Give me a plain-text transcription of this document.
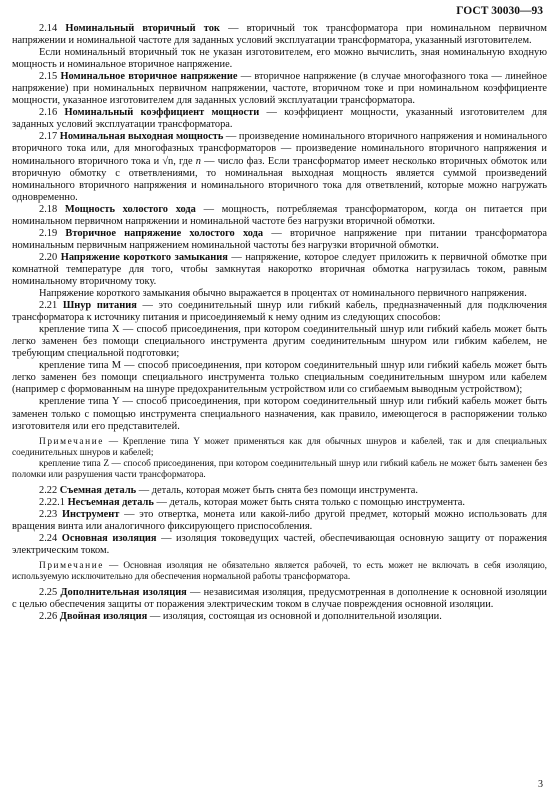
ГОСТ 30030—93

2.14 Номинальный вторичный ток — вторичный ток трансформатора при номинальном первичном напряжении и номинальной частоте для заданных условий эксплуатации трансформатора, указанный изготовителем.

Если номинальный вторичный ток не указан изготовителем, его можно вычислить, зная номинальную входную мощность и номинальное вторичное напряжение.

2.15 Номинальное вторичное напряжение — вторичное напряжение (в случае многофазного тока — линейное напряжение) при номинальных первичном напряжении, частоте, вторичном токе и при номинальном коэффициенте мощности, указанное изготовителем для заданных условий эксплуатации трансформатора.

2.16 Номинальный коэффициент мощности — коэффициент мощности, указанный изготовителем для заданных условий эксплуатации трансформатора.

2.17 Номинальная выходная мощность — произведение номинального вторичного напряжения и номинального вторичного тока или, для многофазных трансформаторов — произведение номинального вторичного напряжения и номинального вторичного тока и √n, где n — число фаз. Если трансформатор имеет несколько вторичных обмоток или вторичную обмотку с ответвлениями, то номинальная выходная мощность является суммой произведений номинального вторичного напряжения и номинального вторичного тока для ответвлений, которые можно нагружать одновременно.

2.18 Мощность холостого хода — мощность, потребляемая трансформатором, когда он питается при номинальном первичном напряжении и номинальной частоте без нагрузки вторичной обмотки.

2.19 Вторичное напряжение холостого хода — вторичное напряжение при питании трансформатора номинальным первичным напряжением номинальной частоты без нагрузки вторичной обмотки.

2.20 Напряжение короткого замыкания — напряжение, которое следует приложить к первичной обмотке при комнатной температуре для того, чтобы замкнутая накоротко вторичная обмотка нагрузилась током, равным номинальному вторичному току.

Напряжение короткого замыкания обычно выражается в процентах от номинального первичного напряжения.

2.21 Шнур питания — это соединительный шнур или гибкий кабель, предназначенный для подключения трансформатора к источнику питания и присоединяемый к нему одним из следующих способов:

крепление типа X — способ присоединения, при котором соединительный шнур или гибкий кабель может быть легко заменен без помощи специального инструмента другим соединительным шнуром или гибким кабелем, не требующим специальной подготовки;

крепление типа M — способ присоединения, при котором соединительный шнур или гибкий кабель может быть легко заменен без помощи специального инструмента только специальным соединительным шнуром или кабелем (например с формованным на шнуре предохранительным устройством или со сгибаемым выводным устройством);

крепление типа Y — способ присоединения, при котором соединительный шнур или гибкий кабель может быть заменен только с помощью инструмента специального назначения, как правило, имеющегося в распоряжении только изготовителя или его представителей.

Примечание — Крепление типа Y может применяться как для обычных шнуров и кабелей, так и для специальных соединительных шнуров и кабелей;

крепление типа Z — способ присоединения, при котором соединительный шнур или гибкий кабель не может быть заменен без поломки или разрушения части трансформатора.

2.22 Съемная деталь — деталь, которая может быть снята без помощи инструмента.

2.22.1 Несъемная деталь — деталь, которая может быть снята только с помощью инструмента.

2.23 Инструмент — это отвертка, монета или какой-либо другой предмет, который можно использовать для вращения винта или аналогичного фиксирующего приспособления.

2.24 Основная изоляция — изоляция токоведущих частей, обеспечивающая основную защиту от поражения электрическим током.

Примечание — Основная изоляция не обязательно является рабочей, то есть может не включать в себя изоляцию, используемую исключительно для обеспечения нормальной работы трансформатора.

2.25 Дополнительная изоляция — независимая изоляция, предусмотренная в дополнение к основной изоляции с целью обеспечения защиты от поражения электрическим током в случае повреждения основной изоляции.

2.26 Двойная изоляция — изоляция, состоящая из основной и дополнительной изоляции.

3
